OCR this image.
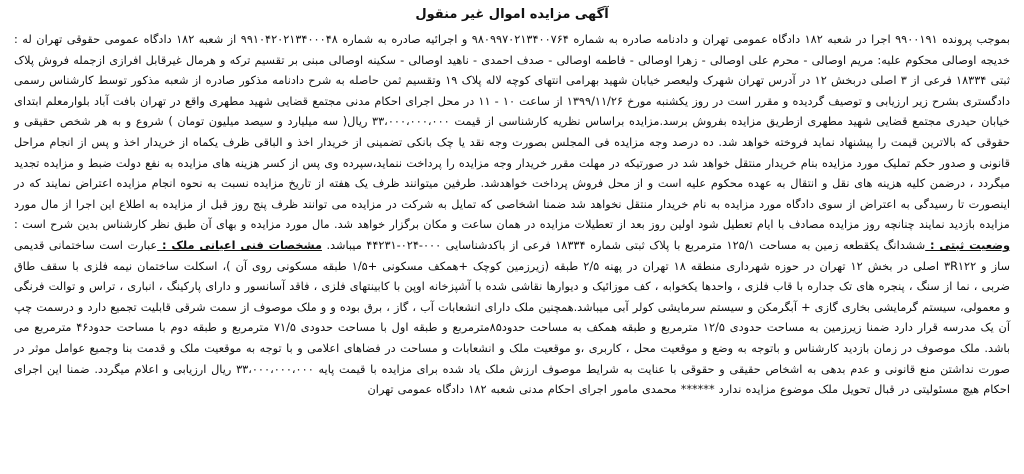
آگهی مزایده اموال غیر منقول

بموجب پرونده ۹۹۰۰۱۹۱ اجرا در شعبه ۱۸۲ دادگاه عمومی تهران و دادنامه صادره به شماره ۹۸۰۹۹۷۰۲۱۳۴۰۰۷۶۴ و اجرائیه صادره به شماره ۹۹۱۰۴۲۰۲۱۳۴۰۰۰۴۸ از شعبه ۱۸۲ دادگاه عمومی حقوقی تهران له : خدیجه اوصالی محکوم علیه: مریم اوصالی - محرم علی اوصالی - زهرا اوصالی - فاطمه اوصالی - صدف احمدی - ناهید اوصالی - سکینه اوصالی مبنی بر تقسیم ترکه و هرمال غیرقابل افرازی ازجمله فروش پلاک ثبتی ۱۸۳۳۴ فرعی از ۳ اصلی دربخش ۱۲ در آدرس تهران شهرک ولیعصر خیابان شهید بهرامی انتهای کوچه لاله پلاک ۱۹ وتقسیم ثمن حاصله به شرح دادنامه مذکور صادره از شعبه مذکور توسط کارشناس رسمی دادگستری بشرح زیر ارزیابی و توصیف گردیده و مقرر است در روز یکشنبه مورخ ۱۳۹۹/۱۱/۲۶ از ساعت ۱۰ - ۱۱ در محل اجرای احکام مدنی مجتمع قضایی شهید مطهری واقع در تهران بافت آباد بلوارمعلم ابتدای خیابان حیدری مجتمع قضایی شهید مطهری ازطریق مزایده بفروش برسد.مزایده براساس نظریه کارشناسی از قیمت ۳۳،۰۰۰،۰۰۰،۰۰۰ ریال( سه میلیارد و سیصد میلیون تومان ) شروع و به هر شخص حقیقی و حقوقی که بالاترین قیمت را پیشنهاد نماید فروخته خواهد شد. ده درصد وجه مزایده فی المجلس بصورت وجه نقد یا چک بانکی تضمینی از خریدار اخذ و الباقی ظرف یکماه از خریدار اخذ و پس از انجام مراحل قانونی و صدور حکم تملیک مورد مزایده بنام خریدار منتقل خواهد شد در صورتیکه در مهلت مقرر خریدار وجه مزایده را پرداخت ننماید،سپرده وی پس از کسر هزینه های مزایده به نفع دولت ضبط و مزایده تجدید میگردد ، درضمن کلیه هزینه های نقل و انتقال به عهده محکوم علیه است و از محل فروش پرداخت خواهدشد. طرفین میتوانند ظرف یک هفته از تاریخ مزایده نسبت به نحوه انجام مزایده اعتراض نمایند که در اینصورت تا رسیدگی به اعتراض از سوی دادگاه مورد مزایده به نام خریدار منتقل نخواهد شد ضمنا اشخاصی که تمایل به شرکت در مزایده می توانند ظرف پنج روز قبل از مزایده به اطلاع این اجرا از مال مورد مزایده بازدید نمایند چنانچه روز مزایده مصادف با ایام تعطیل شود اولین روز بعد از تعطیلات مزایده در همان ساعت و مکان برگزار خواهد شد. مال مورد مزایده و بهای آن طبق نظر کارشناس بدین شرح است : وضعیت ثبتی : ششدانگ یکقطعه زمین به مساحت ۱۲۵/۱ مترمربع با پلاک ثبتی شماره ۱۸۳۳۴ فرعی از باکدشناسایی ۰۰۰-۰۲۴-۴۴۲۳۱ میباشد. مشخصات فنی اعیانی ملک : عبارت است ساختمانی قدیمی ساز و ۳R۱۲۲ اصلی در بخش ۱۲ تهران در حوزه شهرداری منطقه ۱۸ تهران در پهنه ۲/۵ طبقه (زیرزمین کوچک +همکف مسکونی +۱/۵ طبقه مسکونی روی آن )، اسکلت ساختمان نیمه فلزی با سقف طاق ضربی ، نما از سنگ ، پنجره های تک جداره با قاب فلزی ، واحدها یکخوابه ، کف موزائیک و دیوارها نقاشی شده با آشپزخانه اوپن با کابینتهای فلزی ، فاقد آسانسور و دارای پارکینگ ، انباری ، تراس و توالت فرنگی و معمولی، سیستم گرمایشی بخاری گازی + آبگرمکن و سیستم سرمایشی کولر آبی میباشد.همچنین ملک دارای انشعابات آب ، گاز ، برق بوده و و ملک موصوف از سمت شرقی قابلیت تجمیع دارد و درسمت چپ آن یک مدرسه قرار دارد ضمنا زیرزمین به مساحت حدودی ۱۲/۵ مترمربع و طبقه همکف به مساحت حدود۸۵مترمربع و طبقه اول با مساحت حدودی ۷۱/۵ مترمربع و طبقه دوم با مساحت حدود۴۶ مترمربع می باشد. ملک موصوف در زمان بازدید کارشناس و باتوجه به وضع و موقعیت محل ، کاربری ،و موقعیت ملک و انشعابات و مساحت در فضاهای اعلامی و با توجه به موقعیت ملک و قدمت بنا وجمیع عوامل موثر در صورت نداشتن منع قانونی و عدم بدهی به اشخاص حقیقی و حقوقی با عنایت به شرایط موصوف ارزش ملک یاد شده برای مزایده با قیمت پایه ۳۳،۰۰۰،۰۰۰،۰۰۰ ریال ارزیابی و اعلام میگردد. ضمنا این اجرای احکام هیچ مسئولیتی در قبال تحویل ملک موضوع مزایده ندارد ****** محمدی مامور اجرای احکام مدنی شعبه ۱۸۲ دادگاه عمومی تهران
